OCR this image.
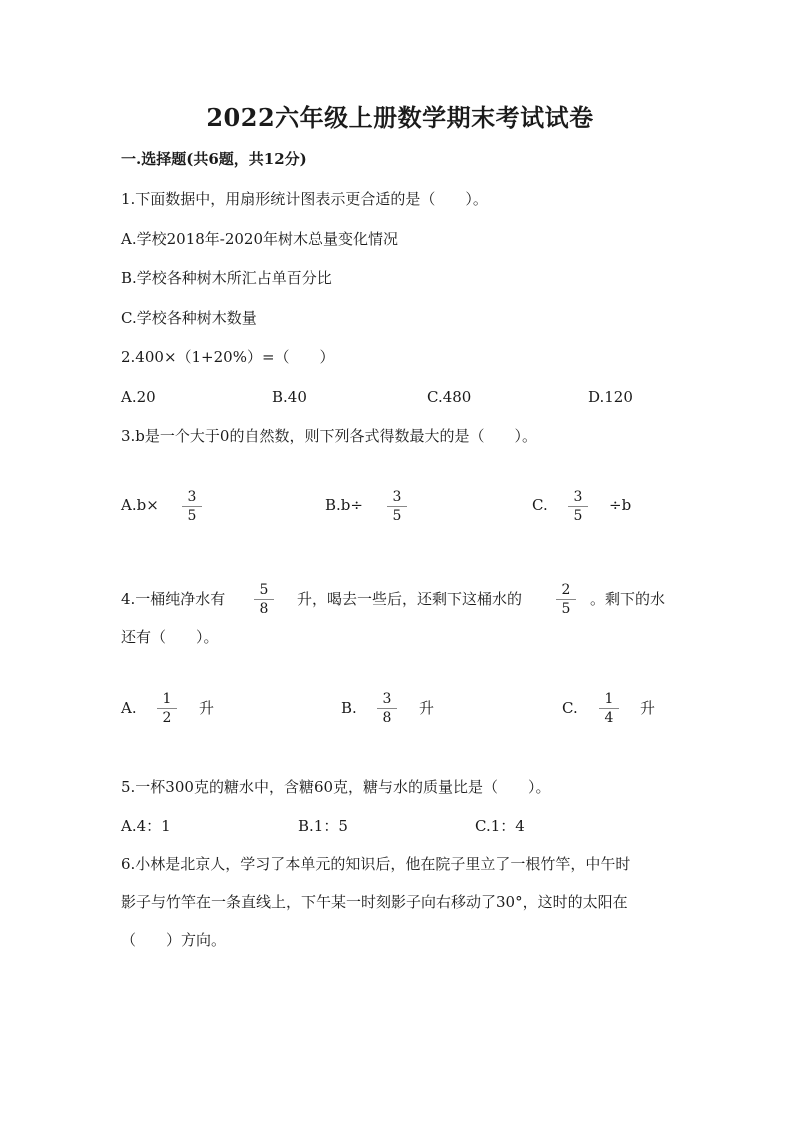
2022六年级上册数学期末考试试卷
一.选择题(共6题，共12分)
1.下面数据中，用扇形统计图表示更合适的是（　　）。
A.学校2018年-2020年树木总量变化情况
B.学校各种树木所汇占单百分比
C.学校各种树木数量
2.400×（1+20%）=（　　）
A.20	B.40	C.480	D.120
3.b是一个大于0的自然数，则下列各式得数最大的是（　　）。
$A.b\times \frac{3}{5}$	$B.b\div \frac{3}{5}$	C. $\frac{3}{5} \div b$
4.一桶纯净水有 $\frac{5}{8}$ 升，喝去一些后，还剩下这桶水的 $\frac{2}{5}$ 。剩下的水
还有（　　）。
A. $\frac{1}{2}$ 升	B. $\frac{3}{8}$ 升	C. $\frac{1}{4}$ 升
5.一杯300克的糖水中，含糖60克，糖与水的质量比是（　　）。
A.4：1	B.1：5	C.1：4
6.小林是北京人，学习了本单元的知识后，他在院子里立了一根竹竿，中午时
影子与竹竿在一条直线上，下午某一时刻影子向右移动了30°，这时的太阳在
（　　）方向。
